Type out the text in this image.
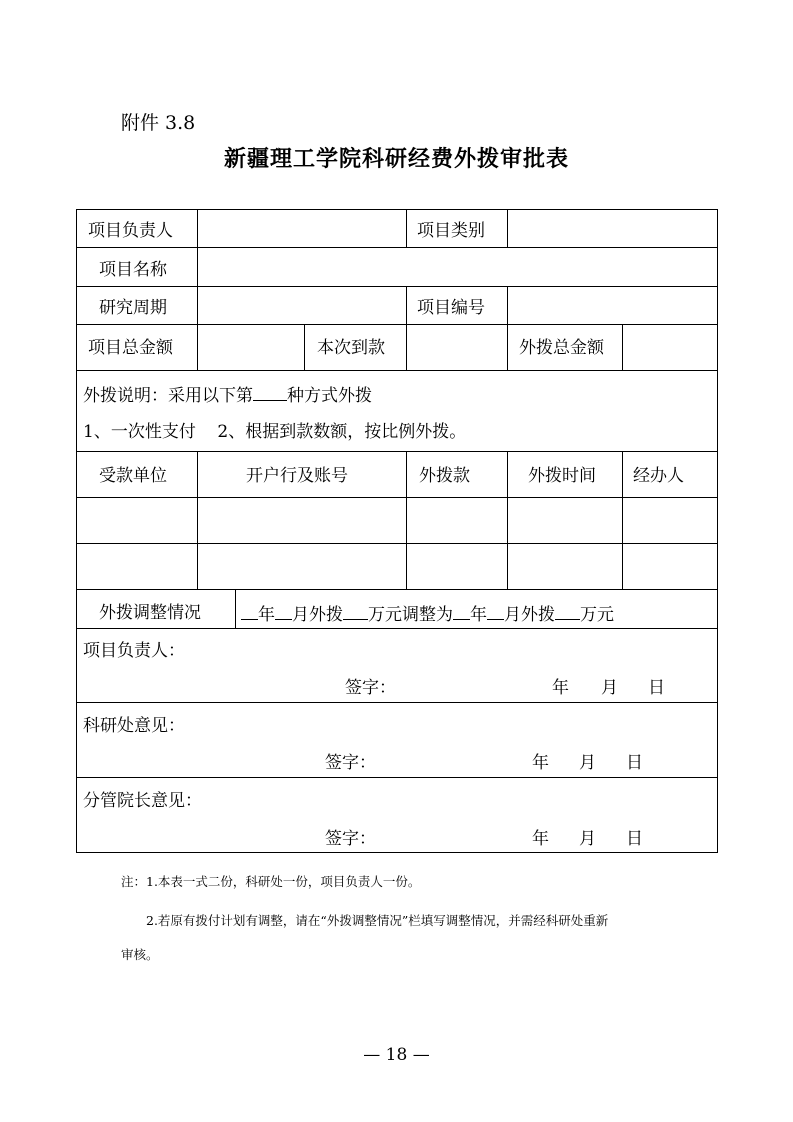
附件 3.8
新疆理工学院科研经费外拨审批表
项目负责人	项目类别
项目名称
研究周期	项目编号
项目总金额	本次到款	外拨总金额
外拨说明：采用以下第 种方式外拨
1、一次性支付    2、根据到款数额，按比例外拨。
受款单位	开户行及账号	外拨款	外拨时间 经办人
外拨调整情况	年 月外拨 万元调整为 年 月外拨 万元
项目负责人：
签字：	年 月 日
科研处意见：
签字：	年 月 日
分管院长意见：
签字：	年 月 日
注：1.本表一式二份，科研处一份，项目负责人一份。
2.若原有拨付计划有调整，请在“外拨调整情况”栏填写调整情况，并需经科研处重新
审核。
— 18 —
